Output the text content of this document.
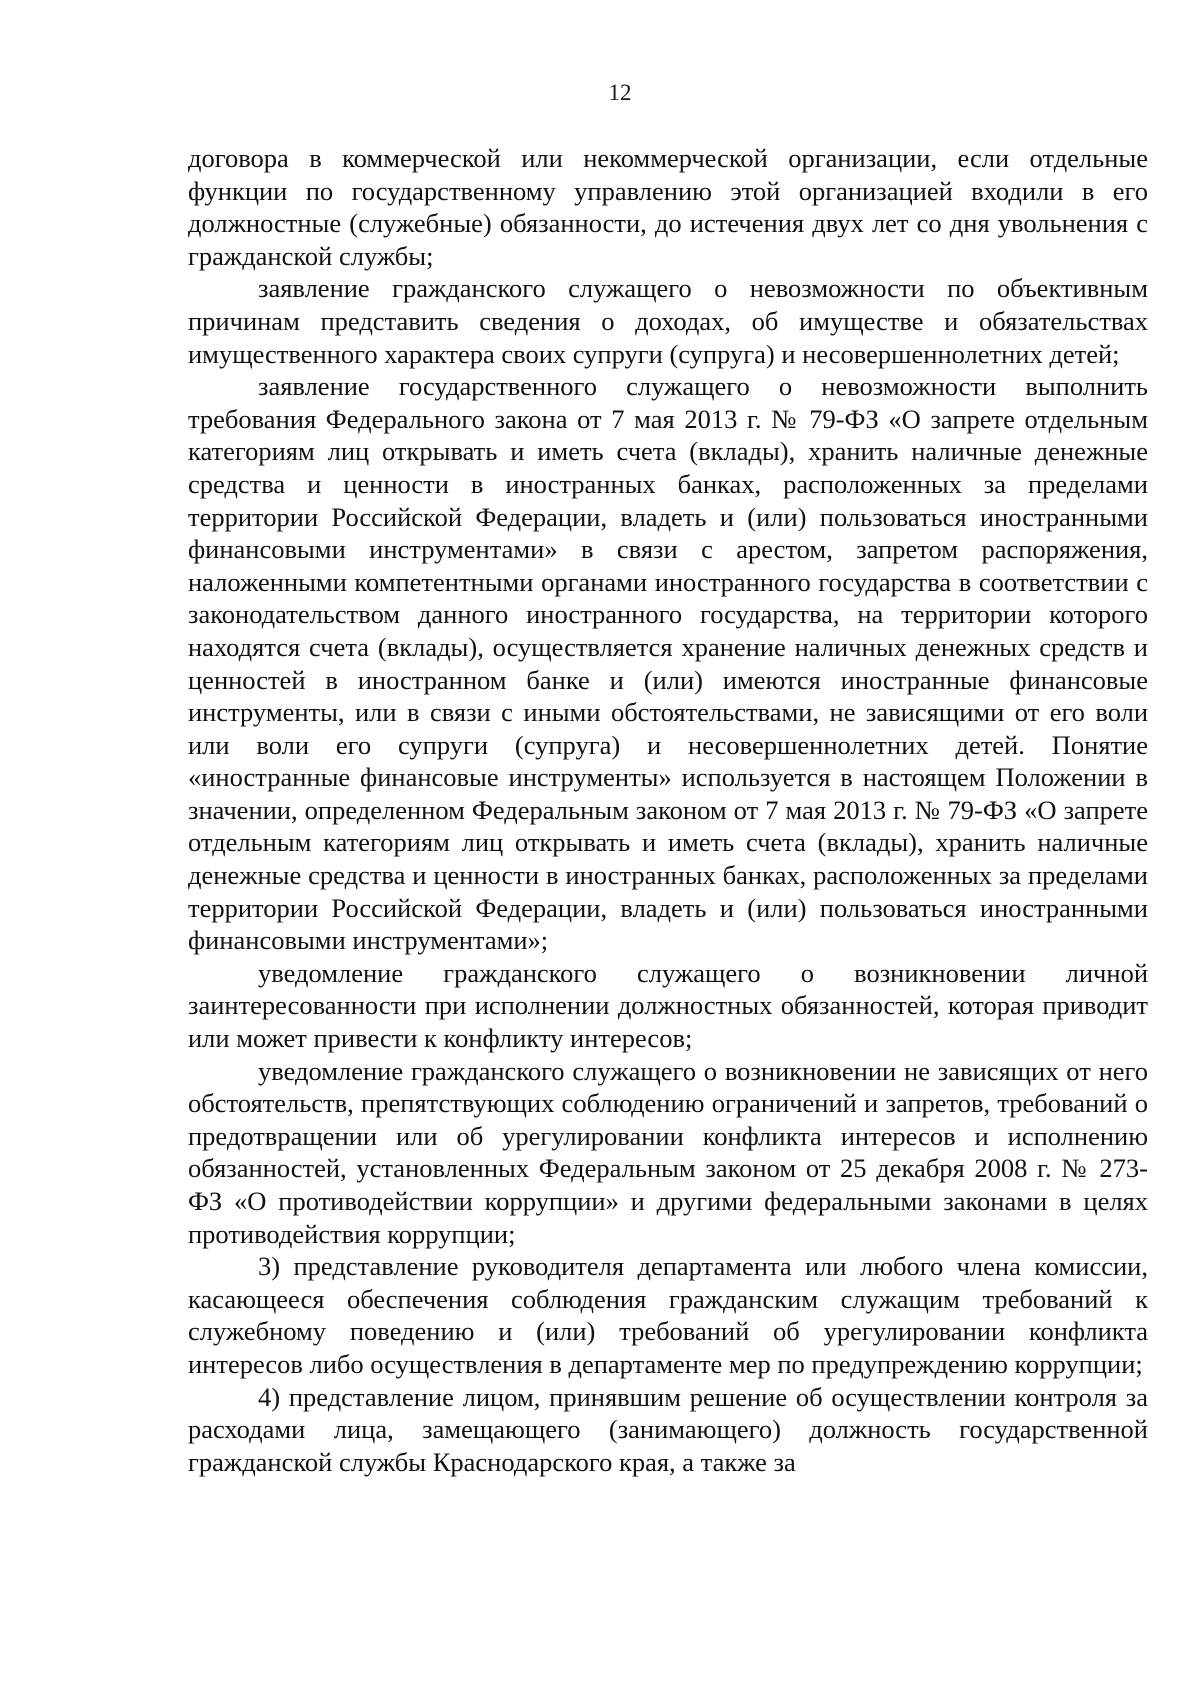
12

договора в коммерческой или некоммерческой организации, если отдельные функции по государственному управлению этой организацией входили в его должностные (служебные) обязанности, до истечения двух лет со дня увольнения с гражданской службы;

заявление гражданского служащего о невозможности по объективным причинам представить сведения о доходах, об имуществе и обязательствах имущественного характера своих супруги (супруга) и несовершеннолетних детей;

заявление государственного служащего о невозможности выполнить требования Федерального закона от 7 мая 2013 г. № 79-ФЗ «О запрете отдельным категориям лиц открывать и иметь счета (вклады), хранить наличные денежные средства и ценности в иностранных банках, расположенных за пределами территории Российской Федерации, владеть и (или) пользоваться иностранными финансовыми инструментами» в связи с арестом, запретом распоряжения, наложенными компетентными органами иностранного государства в соответствии с законодательством данного иностранного государства, на территории которого находятся счета (вклады), осуществляется хранение наличных денежных средств и ценностей в иностранном банке и (или) имеются иностранные финансовые инструменты, или в связи с иными обстоятельствами, не зависящими от его воли или воли его супруги (супруга) и несовершеннолетних детей. Понятие «иностранные финансовые инструменты» используется в настоящем Положении в значении, определенном Федеральным законом от 7 мая 2013 г. № 79-ФЗ «О запрете отдельным категориям лиц открывать и иметь счета (вклады), хранить наличные денежные средства и ценности в иностранных банках, расположенных за пределами территории Российской Федерации, владеть и (или) пользоваться иностранными финансовыми инструментами»;

уведомление гражданского служащего о возникновении личной заинтересованности при исполнении должностных обязанностей, которая приводит или может привести к конфликту интересов;

уведомление гражданского служащего о возникновении не зависящих от него обстоятельств, препятствующих соблюдению ограничений и запретов, требований о предотвращении или об урегулировании конфликта интересов и исполнению обязанностей, установленных Федеральным законом от 25 декабря 2008 г. № 273-ФЗ «О противодействии коррупции» и другими федеральными законами в целях противодействия коррупции;

3) представление руководителя департамента или любого члена комиссии, касающееся обеспечения соблюдения гражданским служащим требований к служебному поведению и (или) требований об урегулировании конфликта интересов либо осуществления в департаменте мер по предупреждению коррупции;

4) представление лицом, принявшим решение об осуществлении контроля за расходами лица, замещающего (занимающего) должность государственной гражданской службы Краснодарского края, а также за
